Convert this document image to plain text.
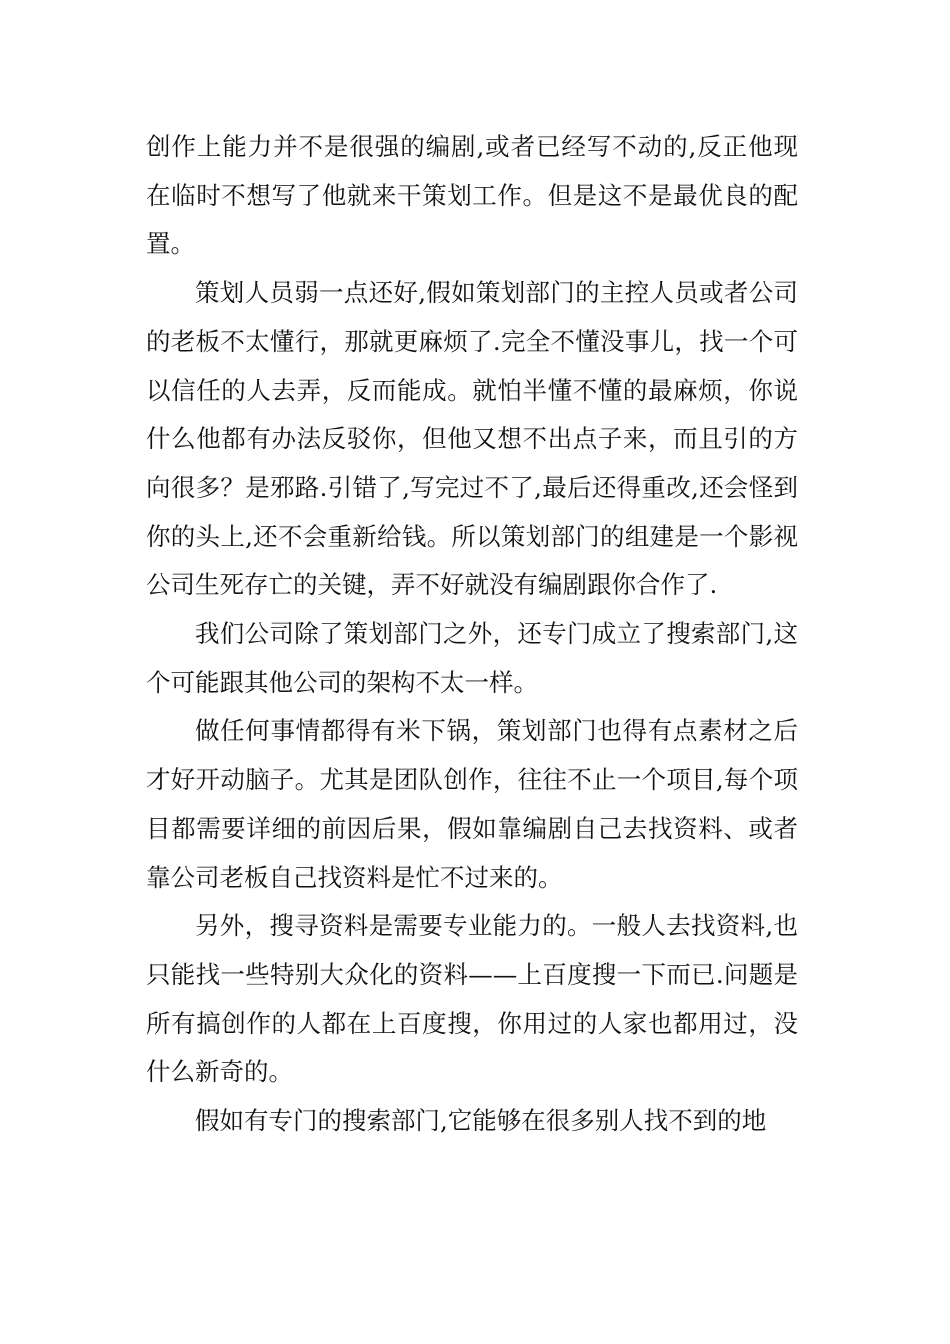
创作上能力并不是很强的编剧,或者已经写不动的,反正他现在临时不想写了他就来干策划工作。但是这不是最优良的配置。

策划人员弱一点还好,假如策划部门的主控人员或者公司的老板不太懂行，那就更麻烦了.完全不懂没事儿，找一个可以信任的人去弄，反而能成。就怕半懂不懂的最麻烦，你说什么他都有办法反驳你，但他又想不出点子来，而且引的方向很多？是邪路.引错了,写完过不了,最后还得重改,还会怪到你的头上,还不会重新给钱。所以策划部门的组建是一个影视公司生死存亡的关键，弄不好就没有编剧跟你合作了.

我们公司除了策划部门之外，还专门成立了搜索部门,这个可能跟其他公司的架构不太一样。

做任何事情都得有米下锅，策划部门也得有点素材之后才好开动脑子。尤其是团队创作，往往不止一个项目,每个项目都需要详细的前因后果，假如靠编剧自己去找资料、或者靠公司老板自己找资料是忙不过来的。

另外，搜寻资料是需要专业能力的。一般人去找资料,也只能找一些特别大众化的资料——上百度搜一下而已.问题是所有搞创作的人都在上百度搜，你用过的人家也都用过，没什么新奇的。

假如有专门的搜索部门,它能够在很多别人找不到的地
